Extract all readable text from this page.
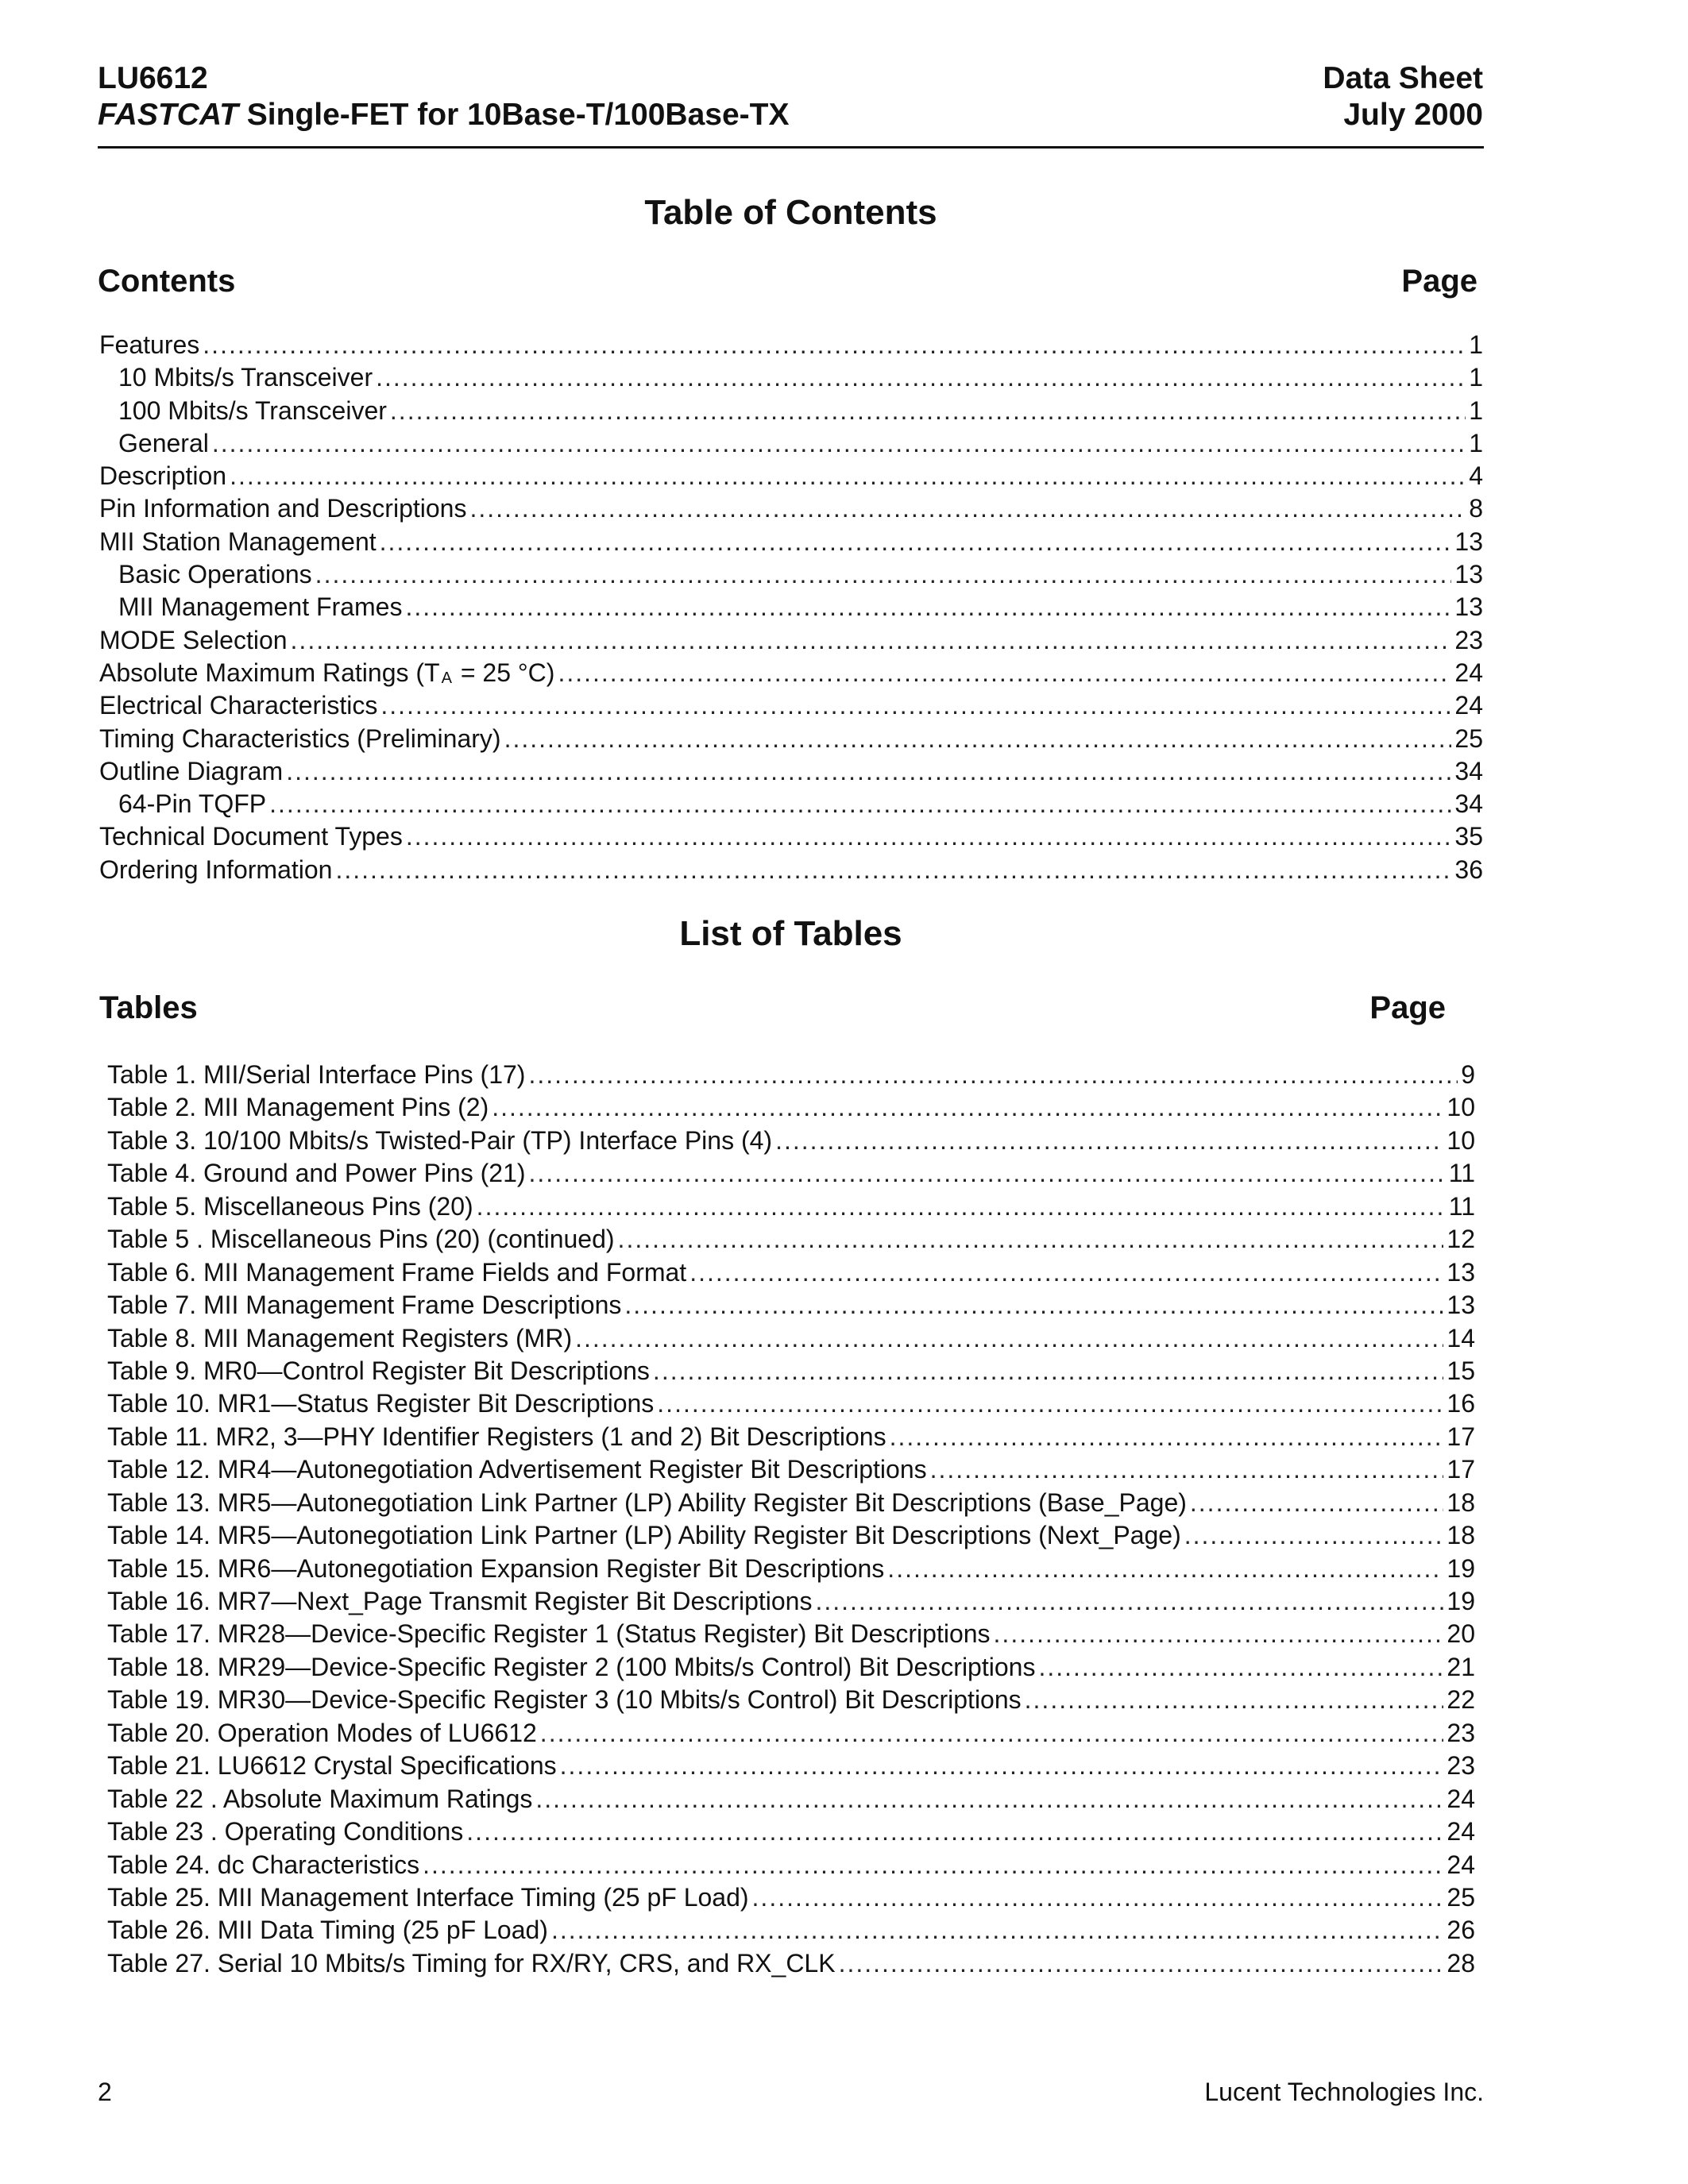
LU6612	Data Sheet
FASTCAT Single-FET for 10Base-T/100Base-TX	July 2000
Table of Contents
Contents	Page
Features .....	1
10 Mbits/s Transceiver .....	1
100 Mbits/s Transceiver .....	1
General .....	1
Description .....	4
Pin Information and Descriptions .....	8
MII Station Management .....	13
Basic Operations .....	13
MII Management Frames .....	13
MODE Selection .....	23
Absolute Maximum Ratings (T $_A$ = 25 °C) .....	24
Electrical Characteristics .....	24
Timing Characteristics (Preliminary) .....	25
Outline Diagram .....	34
64-Pin TQFP .....	34
Technical Document Types .....	35
Ordering Information .....	36
List of Tables
Tables	Page
Table 1. MII/Serial Interface Pins (17) .....	9
Table 2. MII Management Pins (2) .....	10
Table 3. 10/100 Mbits/s Twisted-Pair (TP) Interface Pins (4) .....	10
Table 4. Ground and Power Pins (21) .....	11
Table 5. Miscellaneous Pins (20) .....	11
Table 5 . Miscellaneous Pins (20) (continued) .....	12
Table 6. MII Management Frame Fields and Format .....	13
Table 7. MII Management Frame Descriptions .....	13
Table 8. MII Management Registers (MR) .....	14
Table 9. MR0—Control Register Bit Descriptions .....	15
Table 10. MR1—Status Register Bit Descriptions .....	16
Table 11. MR2, 3—PHY Identifier Registers (1 and 2) Bit Descriptions .....	17
Table 12. MR4—Autonegotiation Advertisement Register Bit Descriptions .....	17
Table 13. MR5—Autonegotiation Link Partner (LP) Ability Register Bit Descriptions (Base_Page) .....	18
Table 14. MR5—Autonegotiation Link Partner (LP) Ability Register Bit Descriptions (Next_Page) .....	18
Table 15. MR6—Autonegotiation Expansion Register Bit Descriptions .....	19
Table 16. MR7—Next_Page Transmit Register Bit Descriptions .....	19
Table 17. MR28—Device-Specific Register 1 (Status Register) Bit Descriptions .....	20
Table 18. MR29—Device-Specific Register 2 (100 Mbits/s Control) Bit Descriptions .....	21
Table 19. MR30—Device-Specific Register 3 (10 Mbits/s Control) Bit Descriptions .....	22
Table 20. Operation Modes of LU6612 .....	23
Table 21. LU6612 Crystal Specifications .....	23
Table 22 . Absolute Maximum Ratings .....	24
Table 23 . Operating Conditions .....	24
Table 24. dc Characteristics .....	24
Table 25. MII Management Interface Timing (25 pF Load) .....	25
Table 26. MII Data Timing (25 pF Load) .....	26
Table 27. Serial 10 Mbits/s Timing for RX/RY, CRS, and RX_CLK .....	28
2	Lucent Technologies Inc.
